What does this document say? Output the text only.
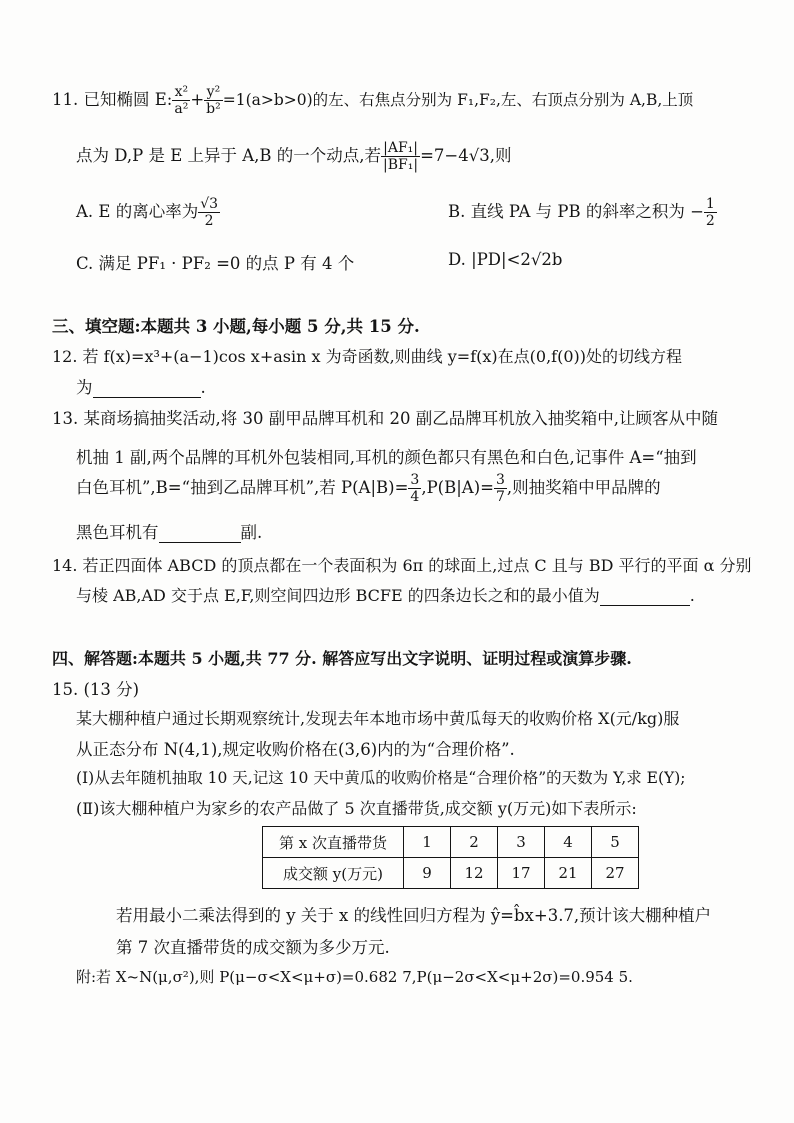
11. 已知椭圆 E: $\frac{\text{x²}}{\text{a²}} + \frac{\text{y²}}{\text{b²}} =1(a>b>0)$的左、右焦点分别为 F₁,F₂,左、右顶点分别为 A,B,上顶
点为 D,P 是 E 上异于 A,B 的一个动点,若 $\frac{\text{|AF₁|}}{\text{|BF₁|}} =7-4√3$,则
A. E 的离心率为 $\frac{√3}{2}$	B. 直线 PA 与 PB 的斜率之积为 − $\frac{1}{2}$
C. 满足 PF₁ · PF₂ =0 的点 P 有 4 个	D. |PD|<2√2b
三、填空题:本题共 3 小题,每小题 5 分,共 15 分.
12. 若 f(x)=x³+(a−1)cos x+asin x 为奇函数,则曲线 y=f(x)在点(0,f(0))处的切线方程
为	.
13. 某商场搞抽奖活动,将 30 副甲品牌耳机和 20 副乙品牌耳机放入抽奖箱中,让顾客从中随
机抽 1 副,两个品牌的耳机外包装相同,耳机的颜色都只有黑色和白色,记事件 A=“抽到
白色耳机”,B=“抽到乙品牌耳机”,若 $P(A|B)= \frac{3}{4} ,P(B|A)= \frac{3}{7}$ ,则抽奖箱中甲品牌的
黑色耳机有	副.
14. 若正四面体 ABCD 的顶点都在一个表面积为 6π 的球面上,过点 C 且与 BD 平行的平面 α 分别
与棱 AB,AD 交于点 E,F,则空间四边形 BCFE 的四条边长之和的最小值为	.
四、解答题:本题共 5 小题,共 77 分. 解答应写出文字说明、证明过程或演算步骤.
15. (13 分)
某大棚种植户通过长期观察统计,发现去年本地市场中黄瓜每天的收购价格 X(元/kg)服
从正态分布 N(4,1),规定收购价格在(3,6)内的为“合理价格”.
(Ⅰ)从去年随机抽取 10 天,记这 10 天中黄瓜的收购价格是“合理价格”的天数为 Y,求 E(Y);
(Ⅱ)该大棚种植户为家乡的农产品做了 5 次直播带货,成交额 y(万元)如下表所示:
第 x 次直播带货	1	2	3	4	5
成交额 y(万元)	9	12	17	21	27
若用最小二乘法得到的 y 关于 x 的线性回归方程为 ŷ=b̂x+3.7,预计该大棚种植户
第 7 次直播带货的成交额为多少万元.
附:若 X~N(μ,σ²),则 P(μ−σ<X<μ+σ)=0.682 7,P(μ−2σ<X<μ+2σ)=0.954 5.
